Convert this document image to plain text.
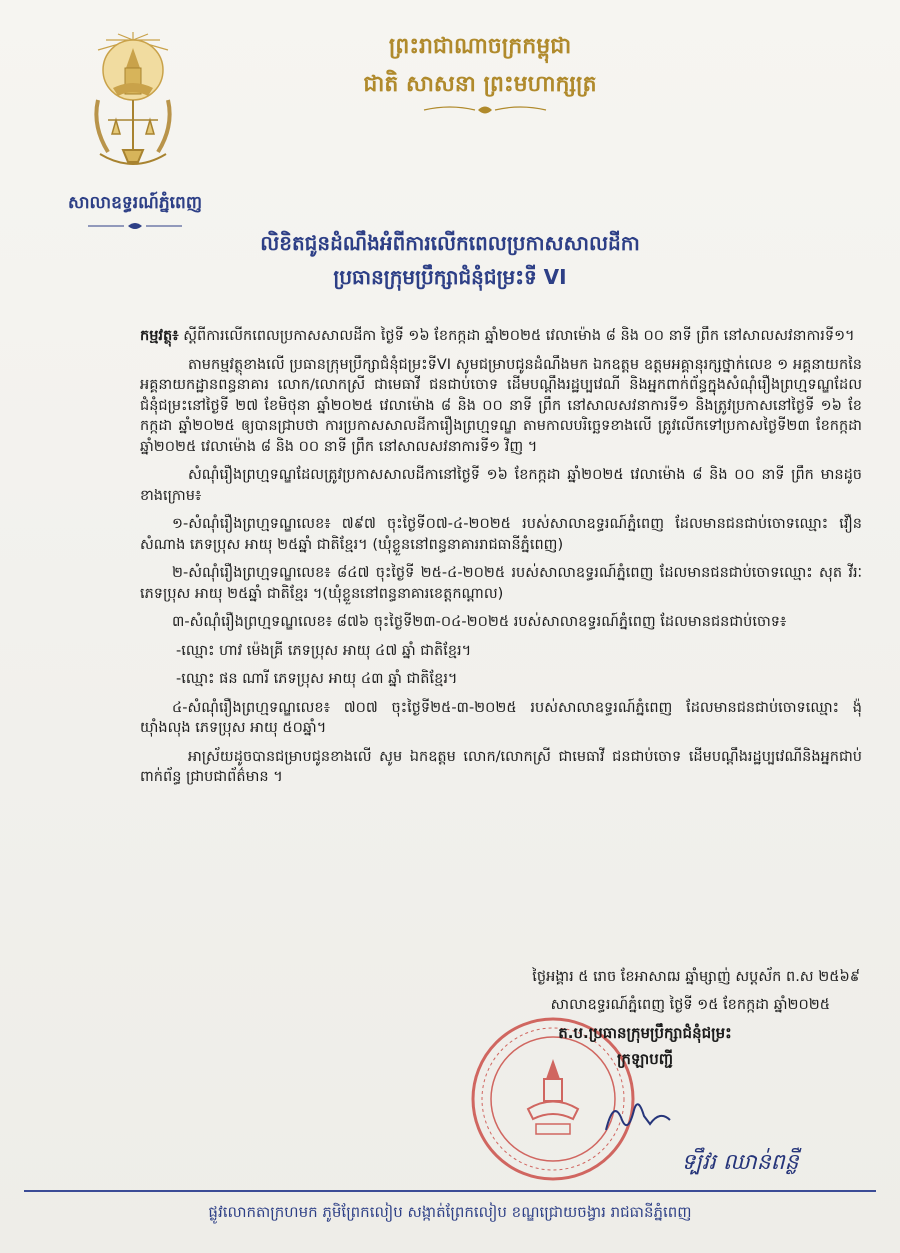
សាលាឧទ្ធរណ៍ភ្នំពេញ
ព្រះរាជាណាចក្រកម្ពុជា
ជាតិ សាសនា ព្រះមហាក្សត្រ
លិខិតជូនដំណឹងអំពីការលើកពេលប្រកាសសាលដីកា
ប្រធានក្រុមប្រឹក្សាជំនុំជម្រះទី VI

កម្មវត្ថុ៖ ស្ដីពីការលើកពេលប្រកាសសាលដីកា ថ្ងៃទី ១៦ ខែកក្កដា ឆ្នាំ២០២៥ វេលាម៉ោង ៨ និង ០០ នាទី ព្រឹក នៅសាលសវនាការទី១។

តាមកម្មវត្ថុខាងលើ ប្រធានក្រុមប្រឹក្សាជំនុំជម្រះទីVI សូមជម្រាបជូនដំណឹងមក ឯកឧត្តម ឧត្តមអគ្គានុរក្សថ្នាក់លេខ ១ អគ្គនាយកនៃអគ្គនាយកដ្ឋានពន្ធនាគារ លោក/លោកស្រី ជាមេធាវី ជនជាប់ចោទ ដើមបណ្ដឹងរដ្ឋប្បវេណី និងអ្នកពាក់ព័ន្ធក្នុងសំណុំរឿងព្រហ្មទណ្ឌដែលជំនុំជម្រះនៅថ្ងៃទី ២៧ ខែមិថុនា ឆ្នាំ២០២៥ វេលាម៉ោង ៨ និង ០០ នាទី ព្រឹក នៅសាលសវនាការទី១ និងត្រូវប្រកាសនៅថ្ងៃទី ១៦ ខែកក្កដា ឆ្នាំ២០២៥ ឲ្យបានជ្រាបថា ការប្រកាសសាលដីការឿងព្រហ្មទណ្ឌ តាមកាលបរិច្ឆេទខាងលើ ត្រូវលើកទៅប្រកាសថ្ងៃទី២៣ ខែកក្កដា ឆ្នាំ២០២៥ វេលាម៉ោង ៨ និង ០០ នាទី ព្រឹក នៅសាលសវនាការទី១ វិញ ។

សំណុំរឿងព្រហ្មទណ្ឌដែលត្រូវប្រកាសសាលដីកានៅថ្ងៃទី ១៦ ខែកក្កដា ឆ្នាំ២០២៥ វេលាម៉ោង ៨ និង ០០ នាទី ព្រឹក មានដូចខាងក្រោម៖

១-សំណុំរឿងព្រហ្មទណ្ឌលេខ៖ ៧៩៧ ចុះថ្ងៃទី០៧-៤-២០២៥ របស់សាលាឧទ្ធរណ៍ភ្នំពេញ ដែលមានជនជាប់ចោទឈ្មោះ វឿន សំណាង ភេទប្រុស អាយុ ២៥ឆ្នាំ ជាតិខ្មែរ។ (ឃុំខ្លួននៅពន្ធនាគាររាជធានីភ្នំពេញ)

២-សំណុំរឿងព្រហ្មទណ្ឌលេខ៖ ៨៤៧ ចុះថ្ងៃទី ២៥-៤-២០២៥ របស់សាលាឧទ្ធរណ៍ភ្នំពេញ ដែលមានជនជាប់ចោទឈ្មោះ សុត វីរៈ ភេទប្រុស អាយុ ២៥ឆ្នាំ ជាតិខ្មែរ ។(ឃុំខ្លួននៅពន្ធនាគារខេត្តកណ្ដាល)

៣-សំណុំរឿងព្រហ្មទណ្ឌលេខ៖ ៨៧៦ ចុះថ្ងៃទី២៣-០៤-២០២៥ របស់សាលាឧទ្ធរណ៍ភ្នំពេញ ដែលមានជនជាប់ចោទ៖

-ឈ្មោះ ហាវ ម៉េងគ្រី ភេទប្រុស អាយុ ៤៧ ឆ្នាំ ជាតិខ្មែរ។

-ឈ្មោះ ផន ណារី ភេទប្រុស អាយុ ៤៣ ឆ្នាំ ជាតិខ្មែរ។

៤-សំណុំរឿងព្រហ្មទណ្ឌលេខ៖ ៧០៧ ចុះថ្ងៃទី២៥-៣-២០២៥ របស់សាលាឧទ្ធរណ៍ភ្នំពេញ ដែលមានជនជាប់ចោទឈ្មោះ ង៉ុ យ៉ាំងលុង ភេទប្រុស អាយុ ៥០ឆ្នាំ។

អាស្រ័យដូចបានជម្រាបជូនខាងលើ សូម ឯកឧត្តម លោក/លោកស្រី ជាមេធាវី ជនជាប់ចោទ ដើមបណ្ដឹងរដ្ឋប្បវេណីនិងអ្នកជាប់ពាក់ព័ន្ធ ជ្រាបជាព័ត៌មាន ។

ថ្ងៃអង្គារ ៥ រោច ខែអាសាឍ ឆ្នាំម្សាញ់ សប្ដស័ក ព.ស ២៥៦៩
សាលាឧទ្ធរណ៍ភ្នំពេញ ថ្ងៃទី ១៥ ខែកក្កដា ឆ្នាំ២០២៥
ត.ប.ប្រធានក្រុមប្រឹក្សាជំនុំជម្រះ
ក្រឡាបញ្ជី
ទ្បឹវរ ឈាន់ពន្លឺ
ផ្លូវលោកតាក្រហមក ភូមិព្រែកលៀប សង្កាត់ព្រែកលៀប ខណ្ឌជ្រោយចង្វារ រាជធានីភ្នំពេញ
